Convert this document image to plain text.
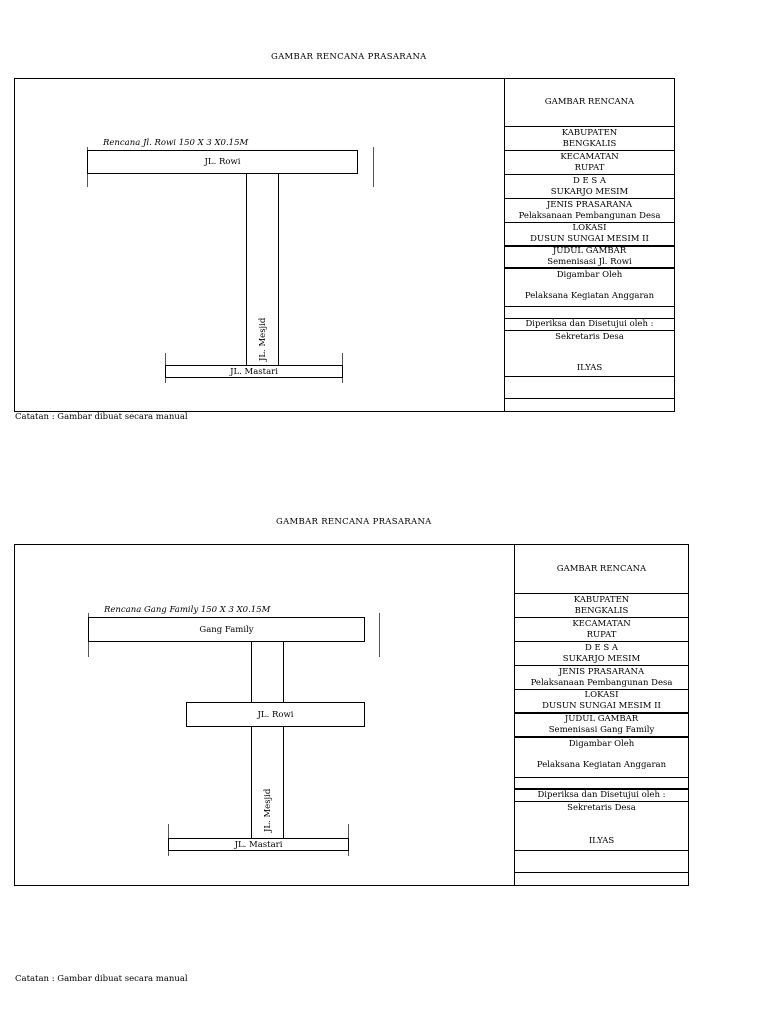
GAMBAR RENCANA PRASARANA
Rencana Jl. Rowi 150 X 3 X0.15M
JL. Rowi
JL. Mesjid
JL. Mastari
GAMBAR RENCANA
KABUPATEN
BENGKALIS
KECAMATAN
RUPAT
D E S A
SUKARJO MESIM
JENIS PRASARANA
Pelaksanaan Pembangunan Desa
LOKASI
DUSUN SUNGAI MESIM II
JUDUL GAMBAR
Semenisasi Jl. Rowi
Digambar Oleh
Pelaksana Kegiatan Anggaran
Diperiksa dan Disetujui oleh :
Sekretaris Desa
ILYAS
Catatan : Gambar dibuat secara manual
GAMBAR RENCANA PRASARANA
Rencana Gang Family 150 X 3 X0.15M
Gang Family
JL. Rowi
JL. Mesjid
JL. Mastari
GAMBAR RENCANA
KABUPATEN
BENGKALIS
KECAMATAN
RUPAT
D E S A
SUKARJO MESIM
JENIS PRASARANA
Pelaksanaan Pembangunan Desa
LOKASI
DUSUN SUNGAI MESIM II
JUDUL GAMBAR
Semenisasi Gang Family
Digambar Oleh
Pelaksana Kegiatan Anggaran
Diperiksa dan Disetujui oleh :
Sekretaris Desa
ILYAS
Catatan : Gambar dibuat secara manual
